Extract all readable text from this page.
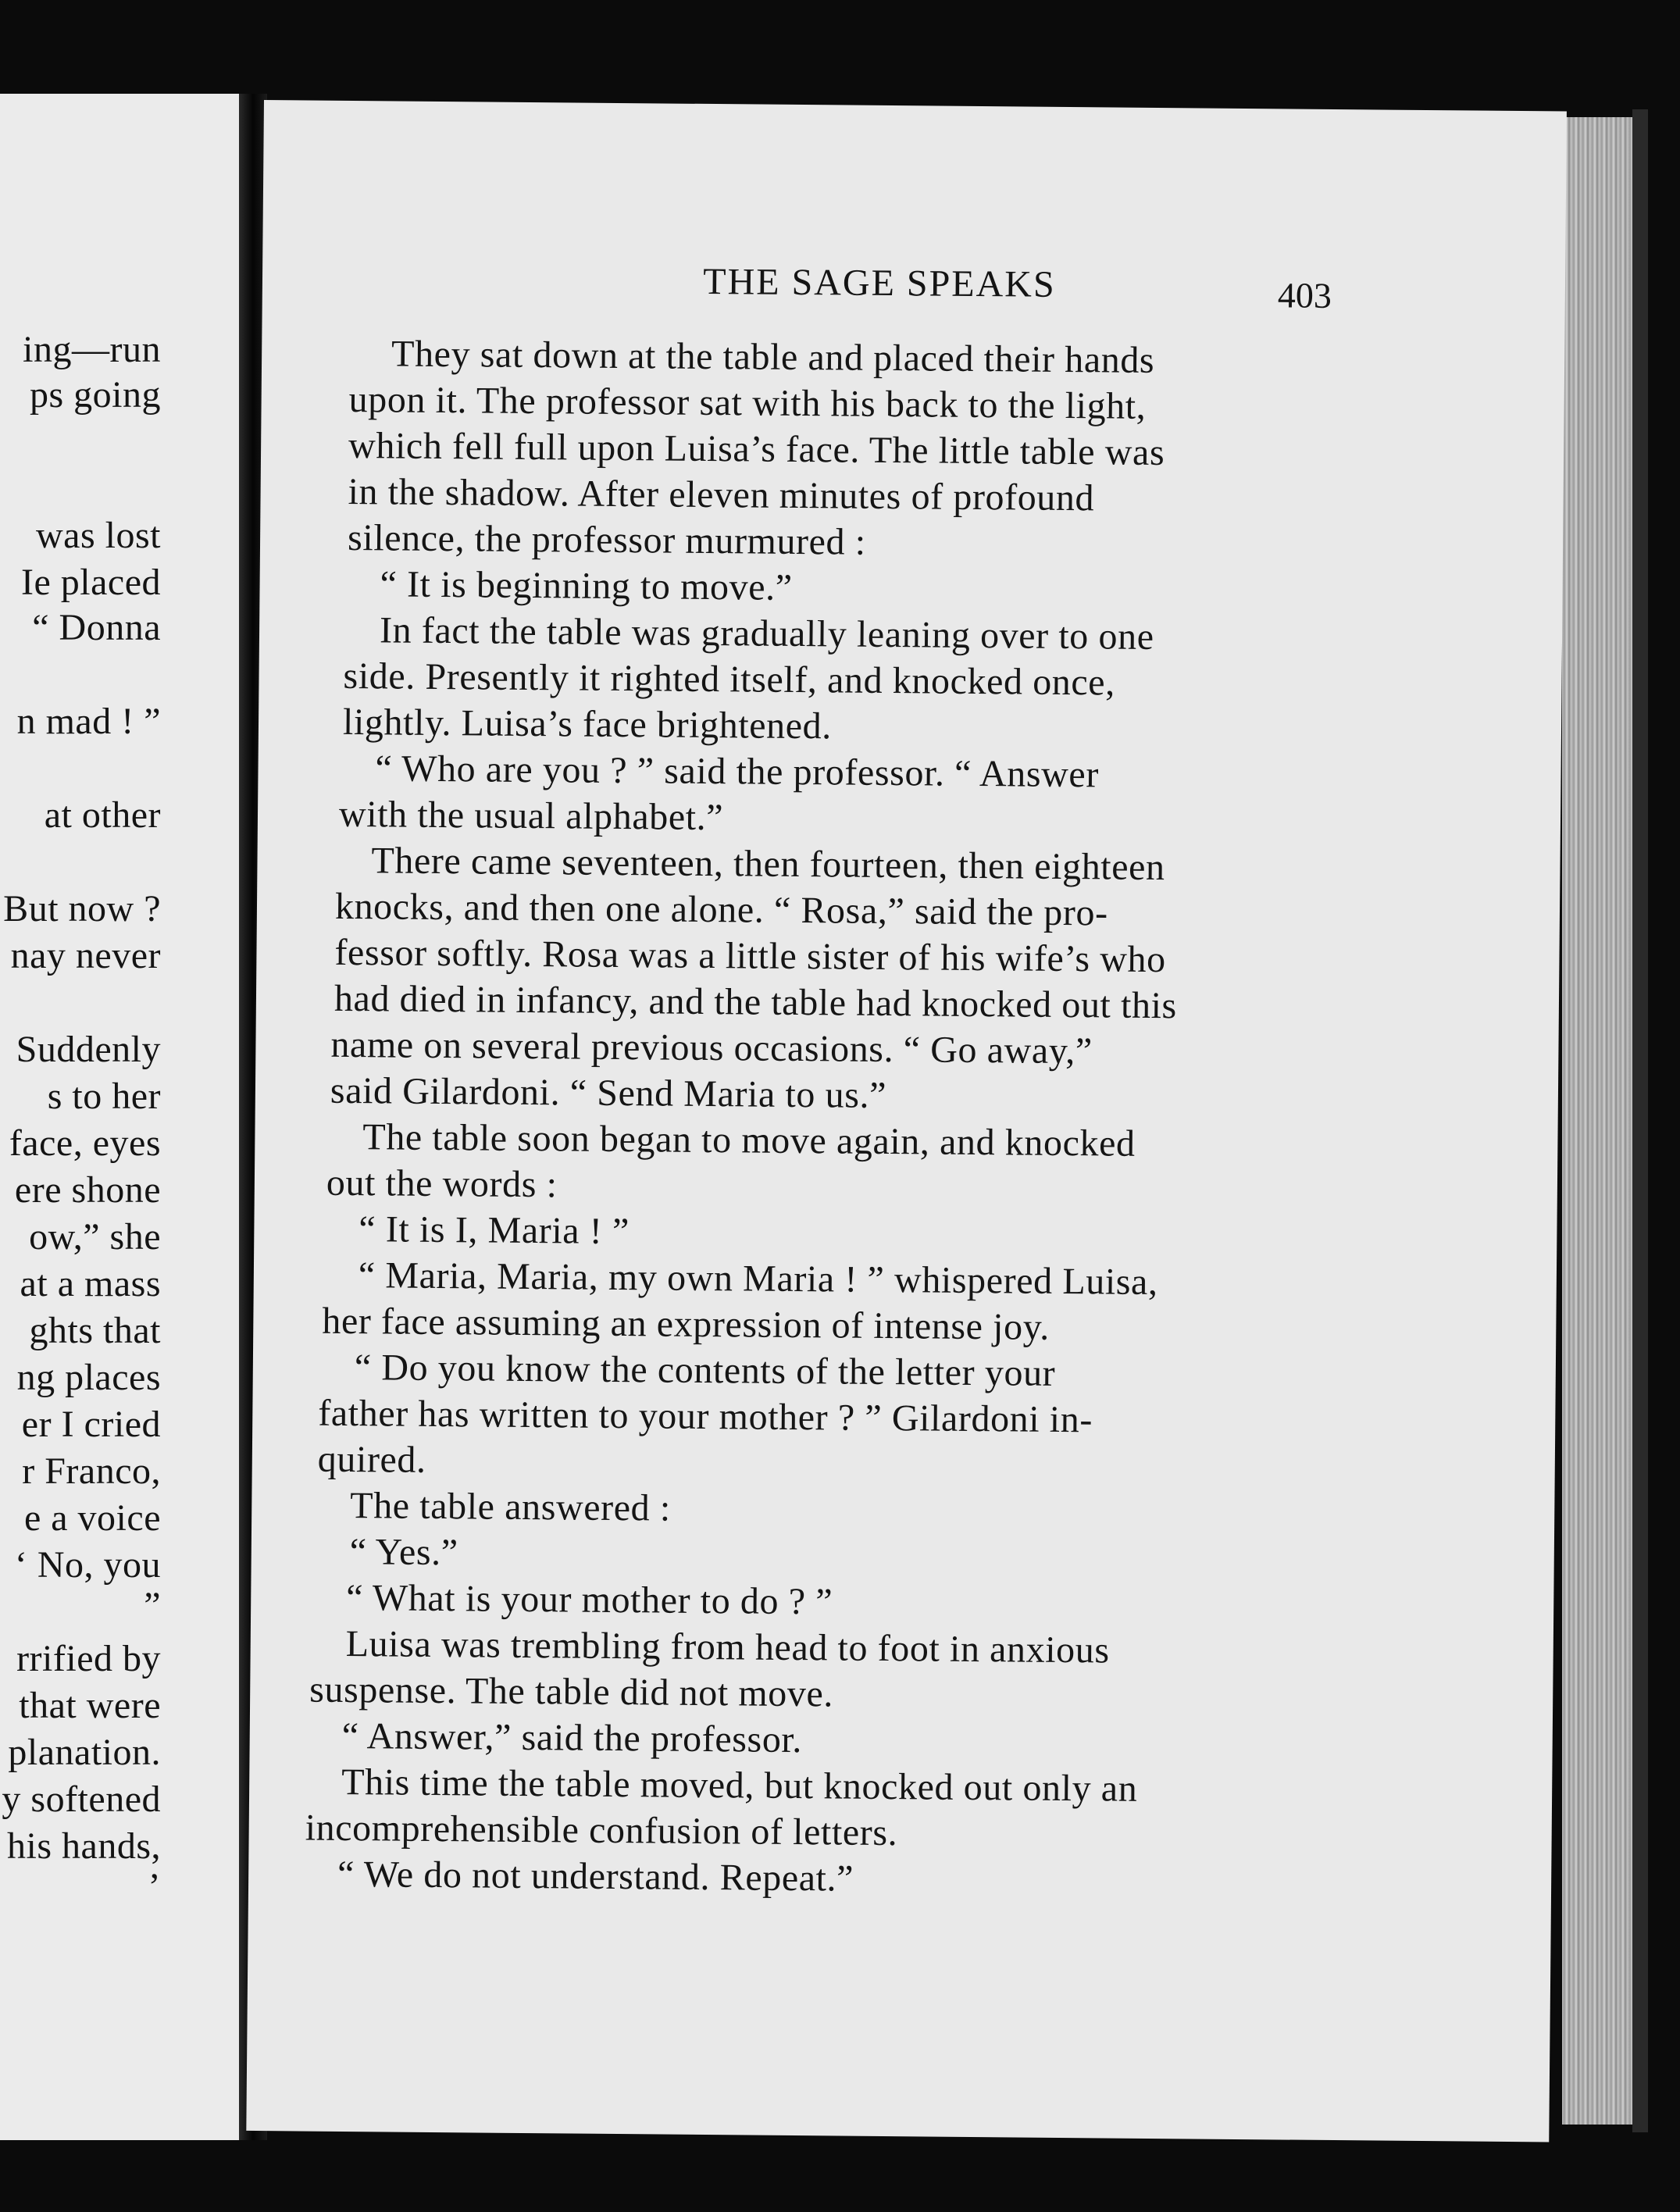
ing—run
ps going
was lost
Ie placed
“ Donna
n mad ! ”
at other
But now ?
nay never
Suddenly
s to her
face, eyes
ere shone
ow,” she
at a mass
ghts that
ng places
er I cried
r Franco,
e a voice
‘ No, you
”
rrified by
that were
planation.
y softened
his hands,
’
THE SAGE SPEAKS	403
They sat down at the table and placed their hands
upon it. The professor sat with his back to the light,
which fell full upon Luisa’s face. The little table was
in the shadow. After eleven minutes of profound
silence, the professor murmured :
“ It is beginning to move.”
In fact the table was gradually leaning over to one
side. Presently it righted itself, and knocked once,
lightly. Luisa’s face brightened.
“ Who are you ? ” said the professor. “ Answer
with the usual alphabet.”
There came seventeen, then fourteen, then eighteen
knocks, and then one alone. “ Rosa,” said the pro-
fessor softly. Rosa was a little sister of his wife’s who
had died in infancy, and the table had knocked out this
name on several previous occasions. “ Go away,”
said Gilardoni. “ Send Maria to us.”
The table soon began to move again, and knocked
out the words :
“ It is I, Maria ! ”
“ Maria, Maria, my own Maria ! ” whispered Luisa,
her face assuming an expression of intense joy.
“ Do you know the contents of the letter your
father has written to your mother ? ” Gilardoni in-
quired.
The table answered :
“ Yes.”
“ What is your mother to do ? ”
Luisa was trembling from head to foot in anxious
suspense. The table did not move.
“ Answer,” said the professor.
This time the table moved, but knocked out only an
incomprehensible confusion of letters.
“ We do not understand. Repeat.”
